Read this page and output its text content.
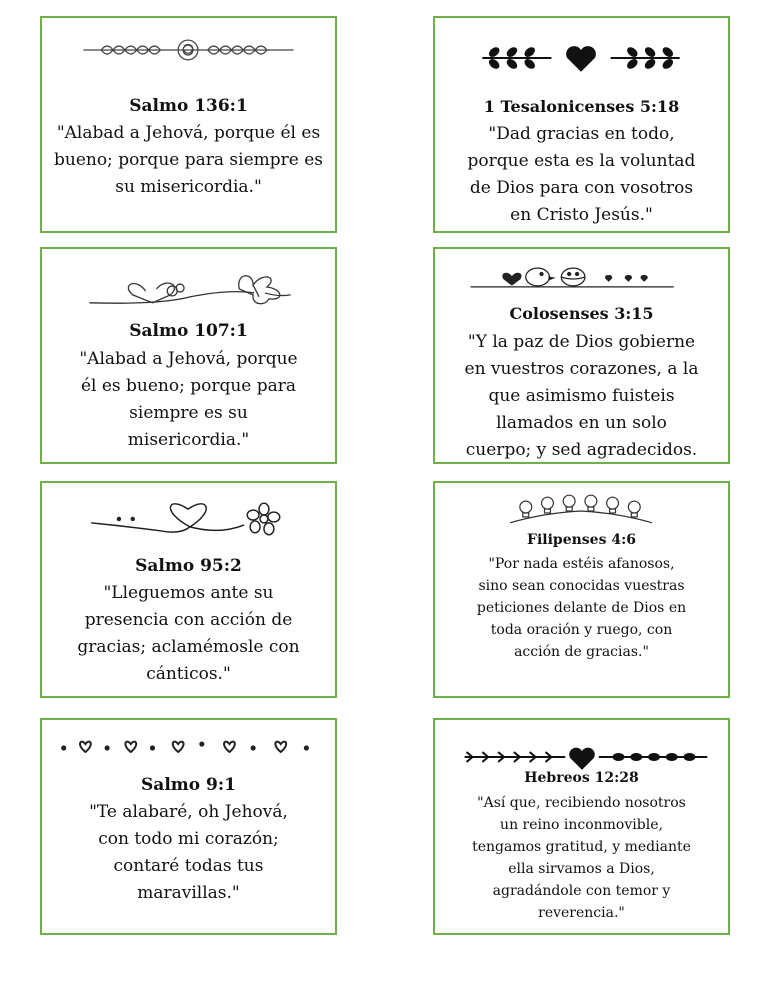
Salmo 136:1
"Alabad a Jehová, porque él es
bueno; porque para siempre es
su misericordia."
1 Tesalonicenses 5:18
"Dad gracias en todo,
porque esta es la voluntad
de Dios para con vosotros
en Cristo Jesús."
Salmo 107:1
"Alabad a Jehová, porque
él es bueno; porque para
siempre es su
misericordia."
Colosenses 3:15
"Y la paz de Dios gobierne
en vuestros corazones, a la
que asimismo fuisteis
llamados en un solo
cuerpo; y sed agradecidos.
Salmo 95:2
"Lleguemos ante su
presencia con acción de
gracias; aclamémosle con
cánticos."
Filipenses 4:6
"Por nada estéis afanosos,
sino sean conocidas vuestras
peticiones delante de Dios en
toda oración y ruego, con
acción de gracias."
Salmo 9:1
"Te alabaré, oh Jehová,
con todo mi corazón;
contaré todas tus
maravillas."
Hebreos 12:28
"Así que, recibiendo nosotros
un reino inconmovible,
tengamos gratitud, y mediante
ella sirvamos a Dios,
agradándole con temor y
reverencia."
